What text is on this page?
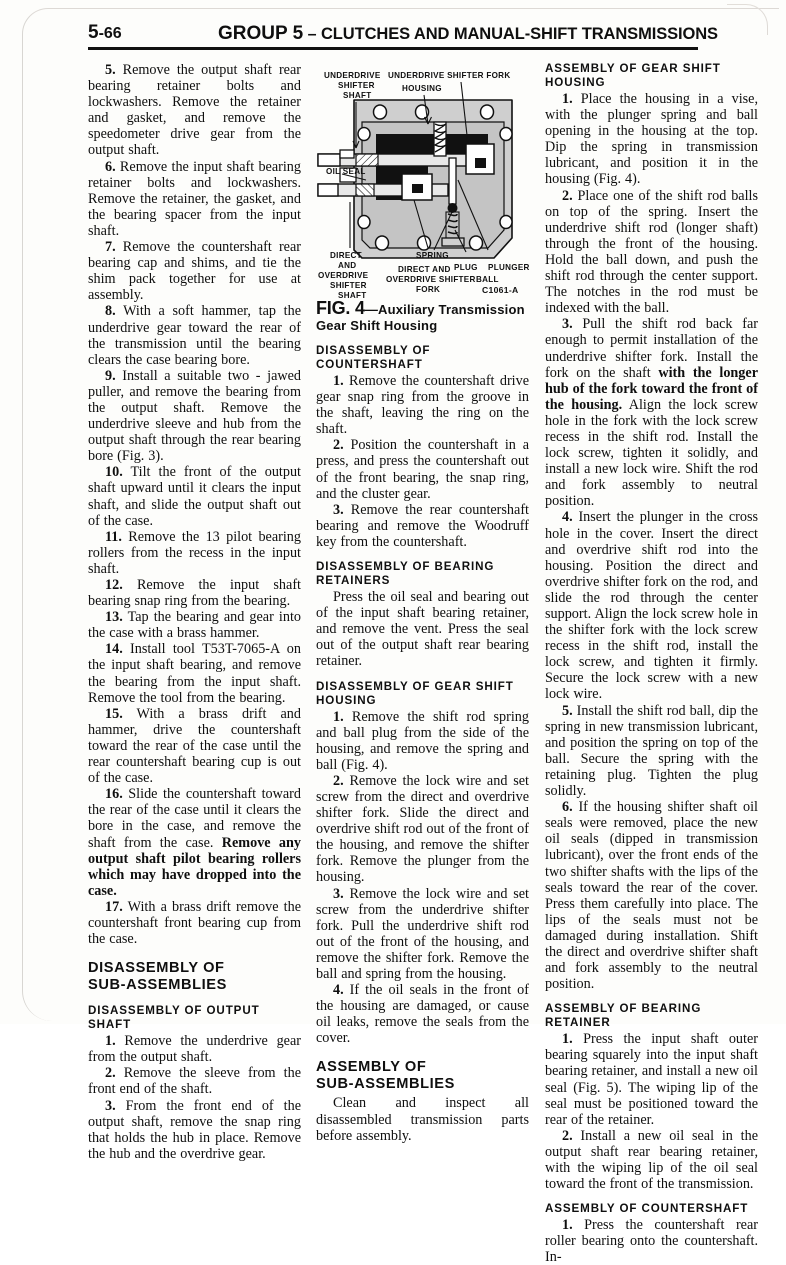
5-66	GROUP 5 – CLUTCHES AND MANUAL-SHIFT TRANSMISSIONS

5. Remove the output shaft rear bearing retainer bolts and lockwashers. Remove the retainer and gasket, and remove the speedometer drive gear from the output shaft.

6. Remove the input shaft bearing retainer bolts and lockwashers. Remove the retainer, the gasket, and the bearing spacer from the input shaft.

7. Remove the countershaft rear bearing cap and shims, and tie the shim pack together for use at assembly.

8. With a soft hammer, tap the underdrive gear toward the rear of the transmission until the bearing clears the case bearing bore.

9. Install a suitable two - jawed puller, and remove the bearing from the output shaft. Remove the underdrive sleeve and hub from the output shaft through the rear bearing bore (Fig. 3).

10. Tilt the front of the output shaft upward until it clears the input shaft, and slide the output shaft out of the case.

11. Remove the 13 pilot bearing rollers from the recess in the input shaft.

12. Remove the input shaft bearing snap ring from the bearing.

13. Tap the bearing and gear into the case with a brass hammer.

14. Install tool T53T-7065-A on the input shaft bearing, and remove the bearing from the input shaft. Remove the tool from the bearing.

15. With a brass drift and hammer, drive the countershaft toward the rear of the case until the rear countershaft bearing cup is out of the case.

16. Slide the countershaft toward the rear of the case until it clears the bore in the case, and remove the shaft from the case. Remove any output shaft pilot bearing rollers which may have dropped into the case.

17. With a brass drift remove the countershaft front bearing cup from the case.

DISASSEMBLY OF
SUB-ASSEMBLIES
DISASSEMBLY OF OUTPUT SHAFT

1. Remove the underdrive gear from the output shaft.

2. Remove the sleeve from the front end of the shaft.

3. From the front end of the output shaft, remove the snap ring that holds the hub in place. Remove the hub and the overdrive gear.

UNDERDRIVE
SHIFTER
SHAFT
UNDERDRIVE SHIFTER FORK
HOUSING
DIRECT
AND
OVERDRIVE
SHIFTER
SHAFT
DIRECT AND
OVERDRIVE SHIFTER
FORK
SPRING
PLUG
BALL
PLUNGER
OIL SEAL
C1061-A

FIG. 4—Auxiliary Transmission Gear Shift Housing

DISASSEMBLY OF COUNTERSHAFT

1. Remove the countershaft drive gear snap ring from the groove in the shaft, leaving the ring on the shaft.

2. Position the countershaft in a press, and press the countershaft out of the front bearing, the snap ring, and the cluster gear.

3. Remove the rear countershaft bearing and remove the Woodruff key from the countershaft.

DISASSEMBLY OF BEARING RETAINERS

Press the oil seal and bearing out of the input shaft bearing retainer, and remove the vent. Press the seal out of the output shaft rear bearing retainer.

DISASSEMBLY OF GEAR SHIFT
HOUSING

1. Remove the shift rod spring and ball plug from the side of the housing, and remove the spring and ball (Fig. 4).

2. Remove the lock wire and set screw from the direct and overdrive shifter fork. Slide the direct and overdrive shift rod out of the front of the housing, and remove the shifter fork. Remove the plunger from the housing.

3. Remove the lock wire and set screw from the underdrive shifter fork. Pull the underdrive shift rod out of the front of the housing, and remove the shifter fork. Remove the ball and spring from the housing.

4. If the oil seals in the front of the housing are damaged, or cause oil leaks, remove the seals from the cover.

ASSEMBLY OF
SUB-ASSEMBLIES

Clean and inspect all disassembled transmission parts before assembly.

ASSEMBLY OF GEAR SHIFT HOUSING

1. Place the housing in a vise, with the plunger spring and ball opening in the housing at the top. Dip the spring in transmission lubricant, and position it in the housing (Fig. 4).

2. Place one of the shift rod balls on top of the spring. Insert the underdrive shift rod (longer shaft) through the front of the housing. Hold the ball down, and push the shift rod through the center support. The notches in the rod must be indexed with the ball.

3. Pull the shift rod back far enough to permit installation of the underdrive shifter fork. Install the fork on the shaft with the longer hub of the fork toward the front of the housing. Align the lock screw hole in the fork with the lock screw recess in the shift rod. Install the lock screw, tighten it solidly, and install a new lock wire. Shift the rod and fork assembly to neutral position.

4. Insert the plunger in the cross hole in the cover. Insert the direct and overdrive shift rod into the housing. Position the direct and overdrive shifter fork on the rod, and slide the rod through the center support. Align the lock screw hole in the shifter fork with the lock screw recess in the shift rod, install the lock screw, and tighten it firmly. Secure the lock screw with a new lock wire.

5. Install the shift rod ball, dip the spring in new transmission lubricant, and position the spring on top of the ball. Secure the spring with the retaining plug. Tighten the plug solidly.

6. If the housing shifter shaft oil seals were removed, place the new oil seals (dipped in transmission lubricant), over the front ends of the two shifter shafts with the lips of the seals toward the rear of the cover. Press them carefully into place. The lips of the seals must not be damaged during installation. Shift the direct and overdrive shifter shaft and fork assembly to the neutral position.

ASSEMBLY OF BEARING RETAINER

1. Press the input shaft outer bearing squarely into the input shaft bearing retainer, and install a new oil seal (Fig. 5). The wiping lip of the seal must be positioned toward the rear of the retainer.

2. Install a new oil seal in the output shaft rear bearing retainer, with the wiping lip of the oil seal toward the front of the transmission.

ASSEMBLY OF COUNTERSHAFT

1. Press the countershaft rear roller bearing onto the countershaft. In-
